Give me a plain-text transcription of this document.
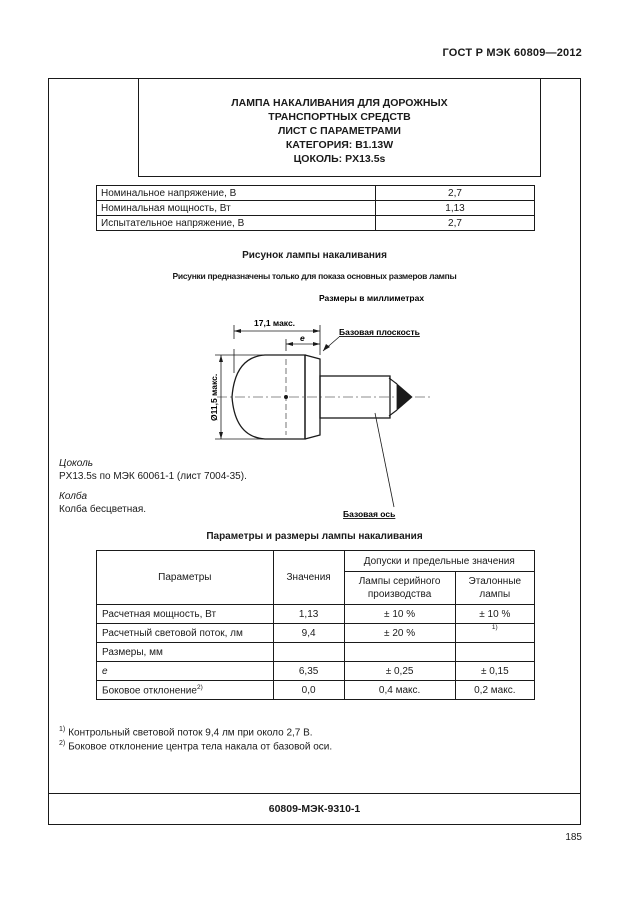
ГОСТ Р МЭК 60809—2012
ЛАМПА НАКАЛИВАНИЯ ДЛЯ ДОРОЖНЫХ
ТРАНСПОРТНЫХ СРЕДСТВ
ЛИСТ С ПАРАМЕТРАМИ
КАТЕГОРИЯ: B1.13W
ЦОКОЛЬ: PX13.5s
Номинальное напряжение, В	2,7
Номинальная мощность, Вт	1,13
Испытательное напряжение, В	2,7
Рисунок лампы накаливания
Рисунки предназначены только для показа основных размеров лампы
Размеры в миллиметрах
17,1 макс.
e
Базовая плоскость
Ø11,5 макс.
Базовая ось
Цоколь
PX13.5s по МЭК 60061-1 (лист 7004-35).
Колба
Колба бесцветная.
Параметры и размеры лампы накаливания
Параметры	Значения	Допуски и предельные значения	
		Лампы серийного производства	Эталонные лампы
Расчетная мощность, Вт	1,13	± 10 %	± 10 %
Расчетный световой поток, лм	9,4	± 20 %	$^{1)}$
Размеры, мм			
e	6,35	± 0,25	± 0,15
Боковое отклонение$^{2)}$	0,0	0,4 макс.	0,2 макс.
$^{1)}$ Контрольный световой поток 9,4 лм при около 2,7 В.
$^{2)}$ Боковое отклонение центра тела накала от базовой оси.
60809-МЭК-9310-1
185
